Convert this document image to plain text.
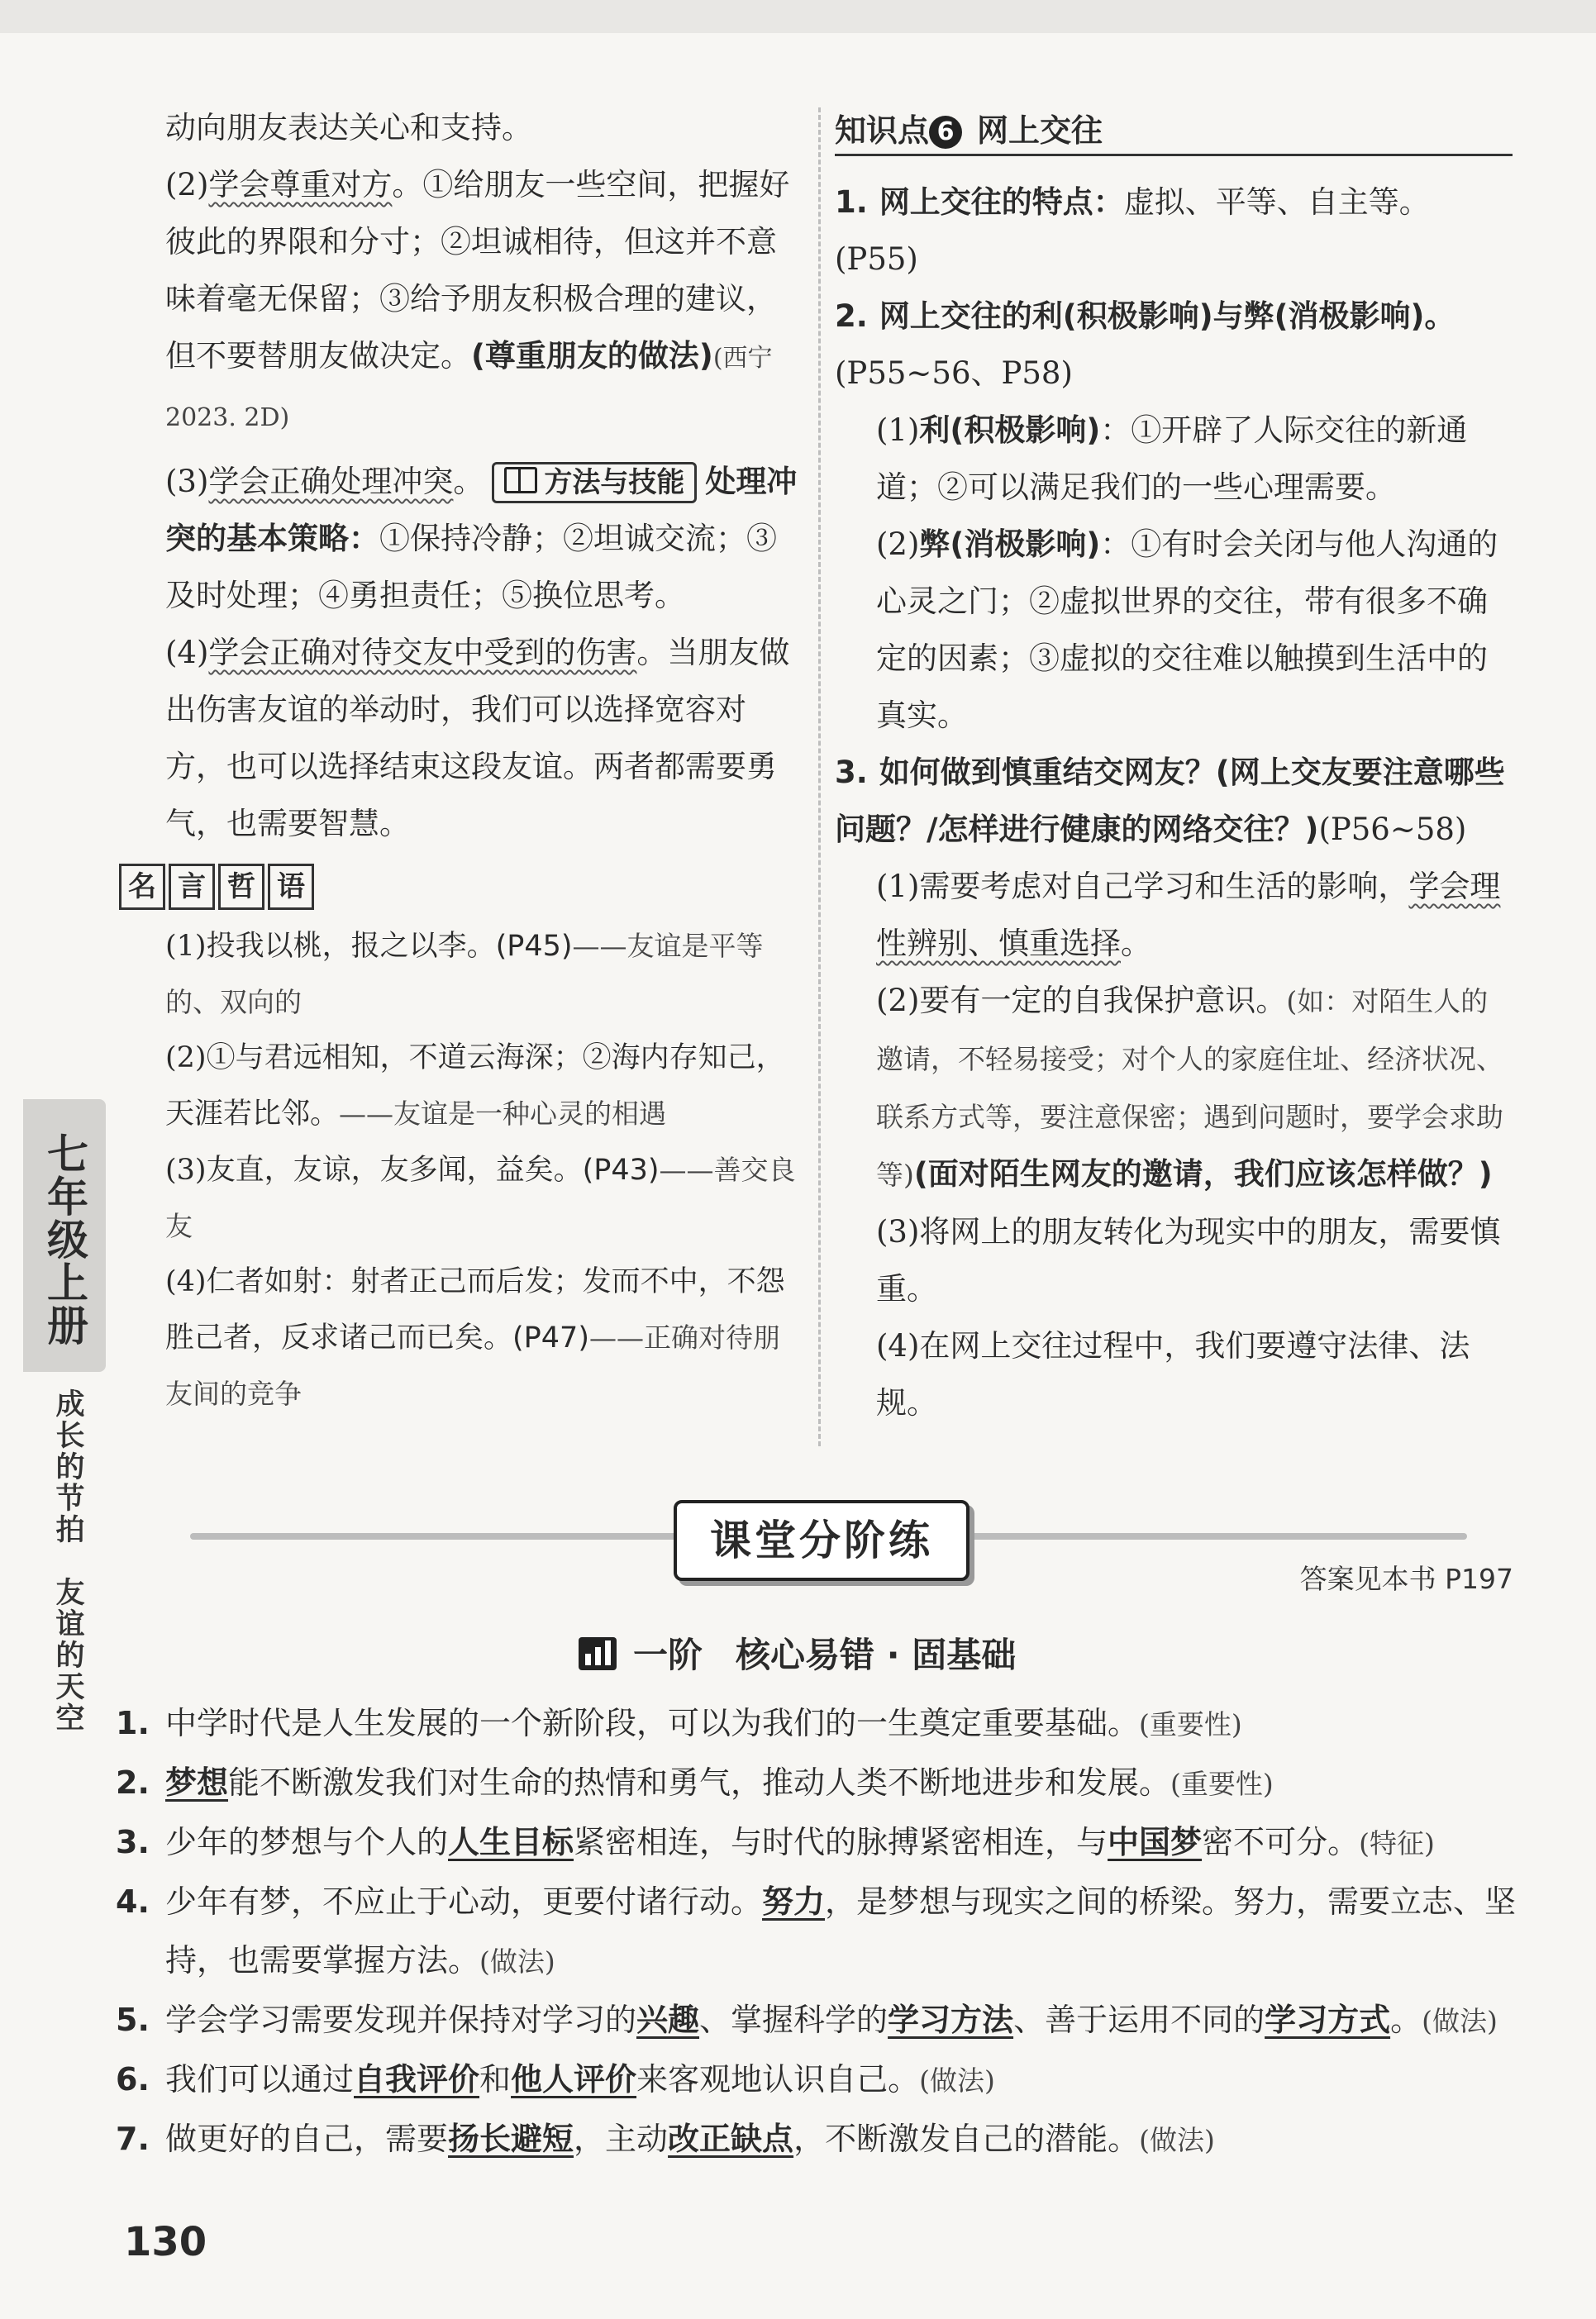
七年级上册
成长的节拍　友谊的天空

动向朋友表达关心和支持。

(2)学会尊重对方。①给朋友一些空间，把握好彼此的界限和分寸；②坦诚相待，但这并不意味着毫无保留；③给予朋友积极合理的建议，但不要替朋友做决定。(尊重朋友的做法)(西宁 2023. 2D)

(3)学会正确处理冲突。 方法与技能 处理冲突的基本策略：①保持冷静；②坦诚交流；③及时处理；④勇担责任；⑤换位思考。

(4)学会正确对待交友中受到的伤害。当朋友做出伤害友谊的举动时，我们可以选择宽容对方，也可以选择结束这段友谊。两者都需要勇气，也需要智慧。

名 言 哲 语

(1)投我以桃，报之以李。(P45)——友谊是平等的、双向的

(2)①与君远相知，不道云海深；②海内存知己，天涯若比邻。——友谊是一种心灵的相遇

(3)友直，友谅，友多闻，益矣。(P43)——善交良友

(4)仁者如射：射者正己而后发；发而不中，不怨胜己者，反求诸己而已矣。(P47)——正确对待朋友间的竞争

知识点 6 网上交往

1. 网上交往的特点：虚拟、平等、自主等。(P55)

2. 网上交往的利(积极影响)与弊(消极影响)。(P55~56、P58)

(1)利(积极影响)：①开辟了人际交往的新通道；②可以满足我们的一些心理需要。

(2)弊(消极影响)：①有时会关闭与他人沟通的心灵之门；②虚拟世界的交往，带有很多不确定的因素；③虚拟的交往难以触摸到生活中的真实。

3. 如何做到慎重结交网友？(网上交友要注意哪些问题？/怎样进行健康的网络交往？)(P56~58)

(1)需要考虑对自己学习和生活的影响，学会理性辨别、慎重选择。

(2)要有一定的自我保护意识。(如：对陌生人的邀请，不轻易接受；对个人的家庭住址、经济状况、联系方式等，要注意保密；遇到问题时，要学会求助等)(面对陌生网友的邀请，我们应该怎样做？)

(3)将网上的朋友转化为现实中的朋友，需要慎重。

(4)在网上交往过程中，我们要遵守法律、法规。

课堂分阶练
答案见本书 P197
一阶 核心易错 · 固基础
1. 中学时代是人生发展的一个新阶段，可以为我们的一生奠定重要基础。(重要性)
2. 梦想能不断激发我们对生命的热情和勇气，推动人类不断地进步和发展。(重要性)
3. 少年的梦想与个人的人生目标紧密相连，与时代的脉搏紧密相连，与中国梦密不可分。(特征)
4. 少年有梦，不应止于心动，更要付诸行动。努力，是梦想与现实之间的桥梁。努力，需要立志、坚持，也需要掌握方法。(做法)
5. 学会学习需要发现并保持对学习的兴趣、掌握科学的学习方法、善于运用不同的学习方式。(做法)
6. 我们可以通过自我评价和他人评价来客观地认识自己。(做法)
7. 做更好的自己，需要扬长避短，主动改正缺点，不断激发自己的潜能。(做法)
130
